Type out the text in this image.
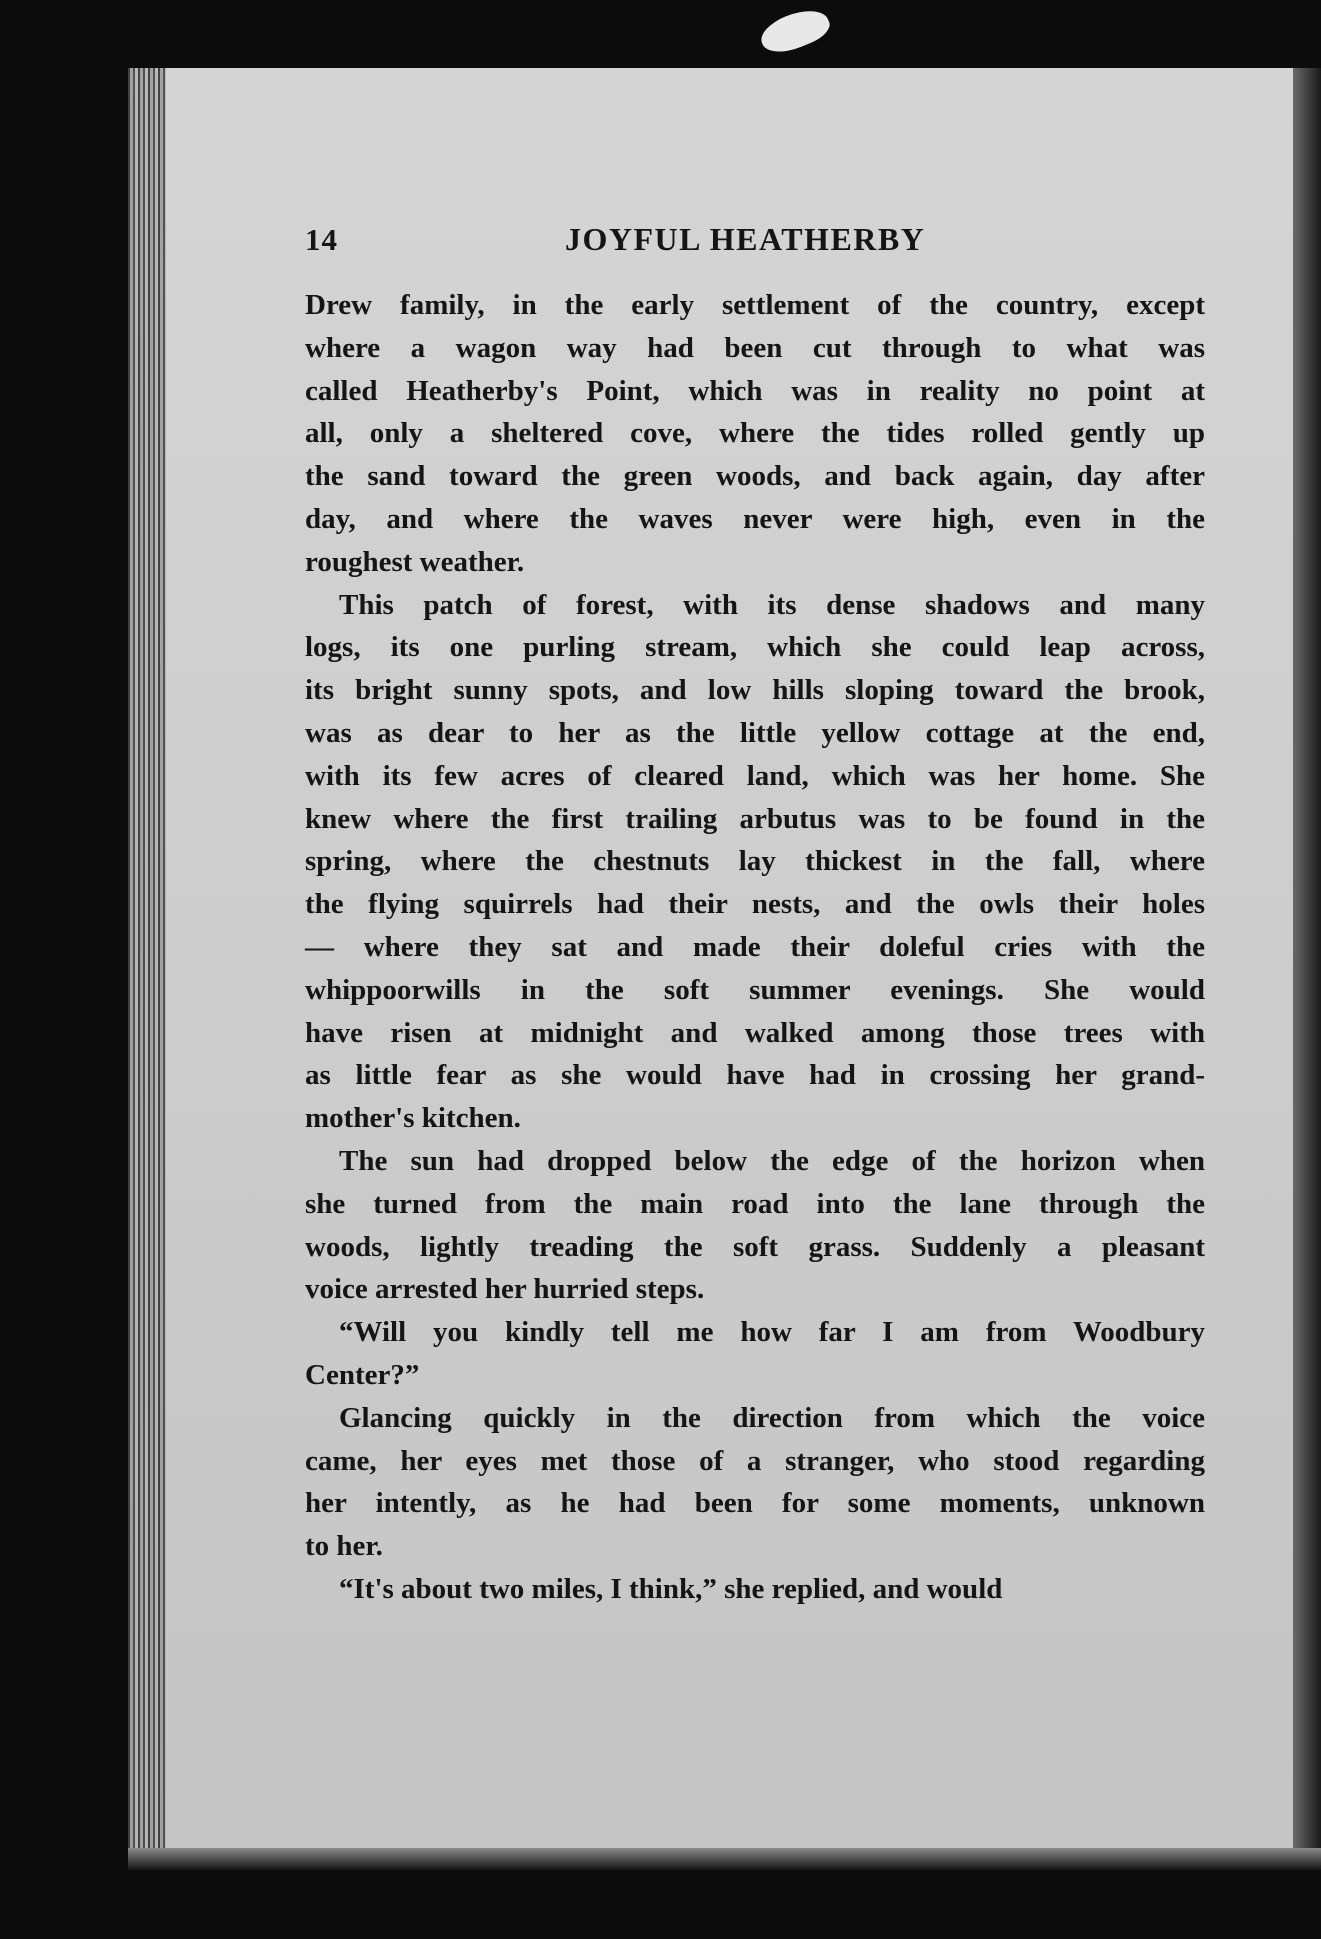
14	JOYFUL HEATHERBY

Drew family, in the early settlement of the country, except
where a wagon way had been cut through to what was
called Heatherby's Point, which was in reality no point at
all, only a sheltered cove, where the tides rolled gently up
the sand toward the green woods, and back again, day after
day, and where the waves never were high, even in the
roughest weather.

This patch of forest, with its dense shadows and many
logs, its one purling stream, which she could leap across,
its bright sunny spots, and low hills sloping toward the brook,
was as dear to her as the little yellow cottage at the end,
with its few acres of cleared land, which was her home. She
knew where the first trailing arbutus was to be found in the
spring, where the chestnuts lay thickest in the fall, where
the flying squirrels had their nests, and the owls their holes
— where they sat and made their doleful cries with the
whippoorwills in the soft summer evenings. She would
have risen at midnight and walked among those trees with
as little fear as she would have had in crossing her grand-
mother's kitchen.

The sun had dropped below the edge of the horizon when
she turned from the main road into the lane through the
woods, lightly treading the soft grass. Suddenly a pleasant
voice arrested her hurried steps.

“Will you kindly tell me how far I am from Woodbury
Center?”

Glancing quickly in the direction from which the voice
came, her eyes met those of a stranger, who stood regarding
her intently, as he had been for some moments, unknown
to her.

“It's about two miles, I think,” she replied, and would
